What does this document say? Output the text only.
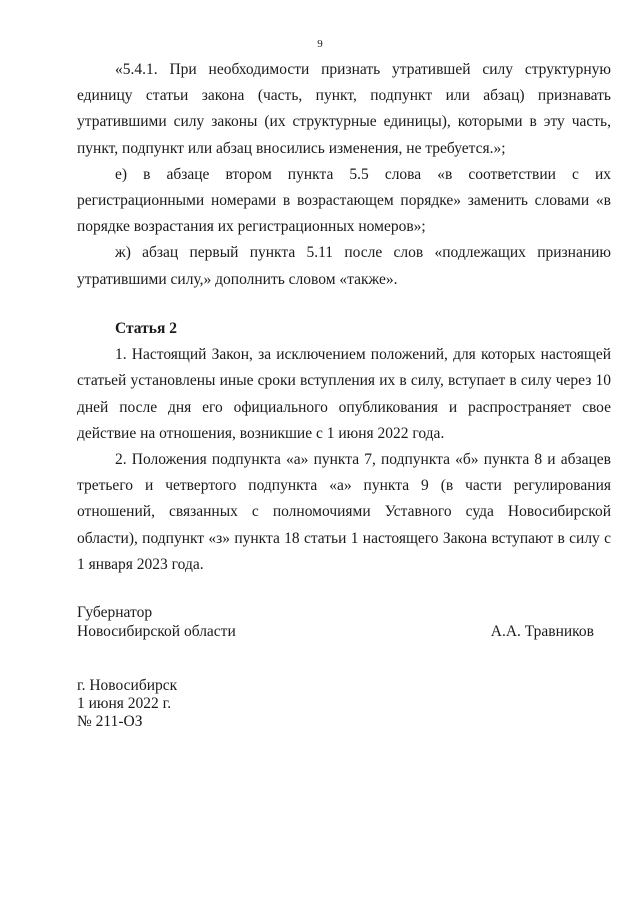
9

«5.4.1. При необходимости признать утратившей силу структурную единицу статьи закона (часть, пункт, подпункт или абзац) признавать утратившими силу законы (их структурные единицы), которыми в эту часть, пункт, подпункт или абзац вносились изменения, не требуется.»;

е) в абзаце втором пункта 5.5 слова «в соответствии с их регистрационными номерами в возрастающем порядке» заменить словами «в порядке возрастания их регистрационных номеров»;

ж) абзац первый пункта 5.11 после слов «подлежащих признанию утратившими силу,» дополнить словом «также».

Статья 2

1. Настоящий Закон, за исключением положений, для которых настоящей статьей установлены иные сроки вступления их в силу, вступает в силу через 10 дней после дня его официального опубликования и распространяет свое действие на отношения, возникшие с 1 июня 2022 года.

2. Положения подпункта «а» пункта 7, подпункта «б» пункта 8 и абзацев третьего и четвертого подпункта «а» пункта 9 (в части регулирования отношений, связанных с полномочиями Уставного суда Новосибирской области), подпункт «з» пункта 18 статьи 1 настоящего Закона вступают в силу с 1 января 2023 года.

Губернатор
Новосибирской области	А.А. Травников
г. Новосибирск
1 июня 2022 г.
№ 211-ОЗ
